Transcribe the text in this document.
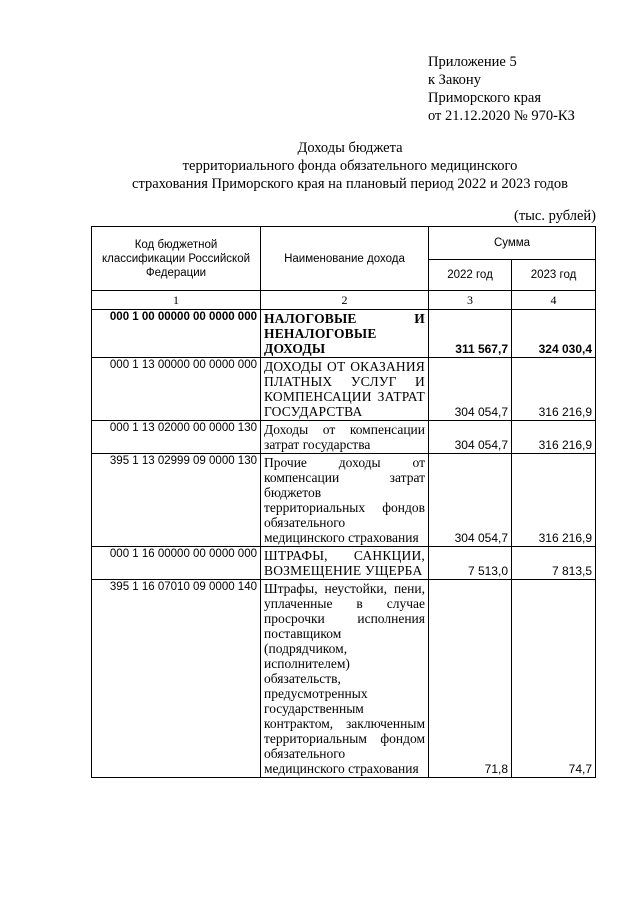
Приложение 5
к Закону
Приморского края
от 21.12.2020 № 970-КЗ
Доходы бюджета
территориального фонда обязательного медицинского
страхования Приморского края на плановый период 2022 и 2023 годов
(тыс. рублей)
Код бюджетной классификации Российской Федерации	Наименование дохода	Сумма	
		2022 год	2023 год
1	2	3	4
000 1 00 00000 00 0000 000	НАЛОГОВЫЕ И НЕНАЛОГОВЫЕ ДОХОДЫ	311 567,7	324 030,4
000 1 13 00000 00 0000 000	ДОХОДЫ ОТ ОКАЗАНИЯ ПЛАТНЫХ УСЛУГ И КОМПЕНСАЦИИ ЗАТРАТ ГОСУДАРСТВА	304 054,7	316 216,9
000 1 13 02000 00 0000 130	Доходы от компенсации затрат государства	304 054,7	316 216,9
395 1 13 02999 09 0000 130	Прочие доходы от компенсации затрат бюджетов территориальных фондов обязательного медицинского страхования	304 054,7	316 216,9
000 1 16 00000 00 0000 000	ШТРАФЫ, САНКЦИИ, ВОЗМЕЩЕНИЕ УЩЕРБА	7 513,0	7 813,5
395 1 16 07010 09 0000 140	Штрафы, неустойки, пени, уплаченные в случае просрочки исполнения поставщиком (подрядчиком, исполнителем) обязательств, предусмотренных государственным контрактом, заключенным территориальным фондом обязательного медицинского страхования	71,8	74,7
